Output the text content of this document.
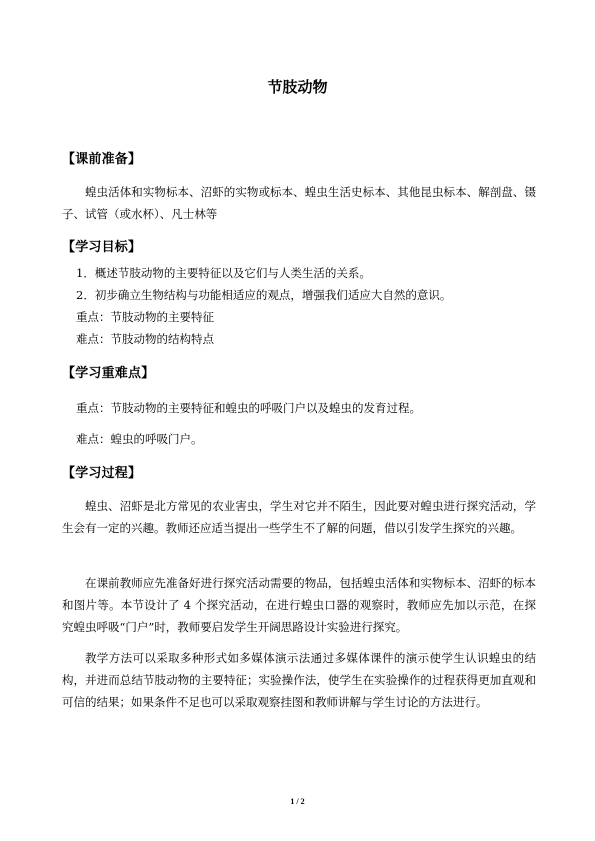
节肢动物
【课前准备】
蝗虫活体和实物标本、沼虾的实物或标本、蝗虫生活史标本、其他昆虫标本、解剖盘、镊子、试管（或水杯）、凡士林等
【学习目标】
1．概述节肢动物的主要特征以及它们与人类生活的关系。
2．初步确立生物结构与功能相适应的观点，增强我们适应大自然的意识。
重点：节肢动物的主要特征
难点：节肢动物的结构特点
【学习重难点】
重点：节肢动物的主要特征和蝗虫的呼吸门户以及蝗虫的发育过程。
难点：蝗虫的呼吸门户。
【学习过程】
蝗虫、沼虾是北方常见的农业害虫，学生对它并不陌生，因此要对蝗虫进行探究活动，学生会有一定的兴趣。教师还应适当提出一些学生不了解的问题，借以引发学生探究的兴趣。
在课前教师应先准备好进行探究活动需要的物品，包括蝗虫活体和实物标本、沼虾的标本和图片等。本节设计了 4 个探究活动，在进行蝗虫口器的观察时，教师应先加以示范，在探究蝗虫呼吸“门户”时，教师要启发学生开阔思路设计实验进行探究。
教学方法可以采取多种形式如多媒体演示法通过多媒体课件的演示使学生认识蝗虫的结构，并进而总结节肢动物的主要特征；实验操作法，使学生在实验操作的过程获得更加直观和可信的结果；如果条件不足也可以采取观察挂图和教师讲解与学生讨论的方法进行。
1 / 2
